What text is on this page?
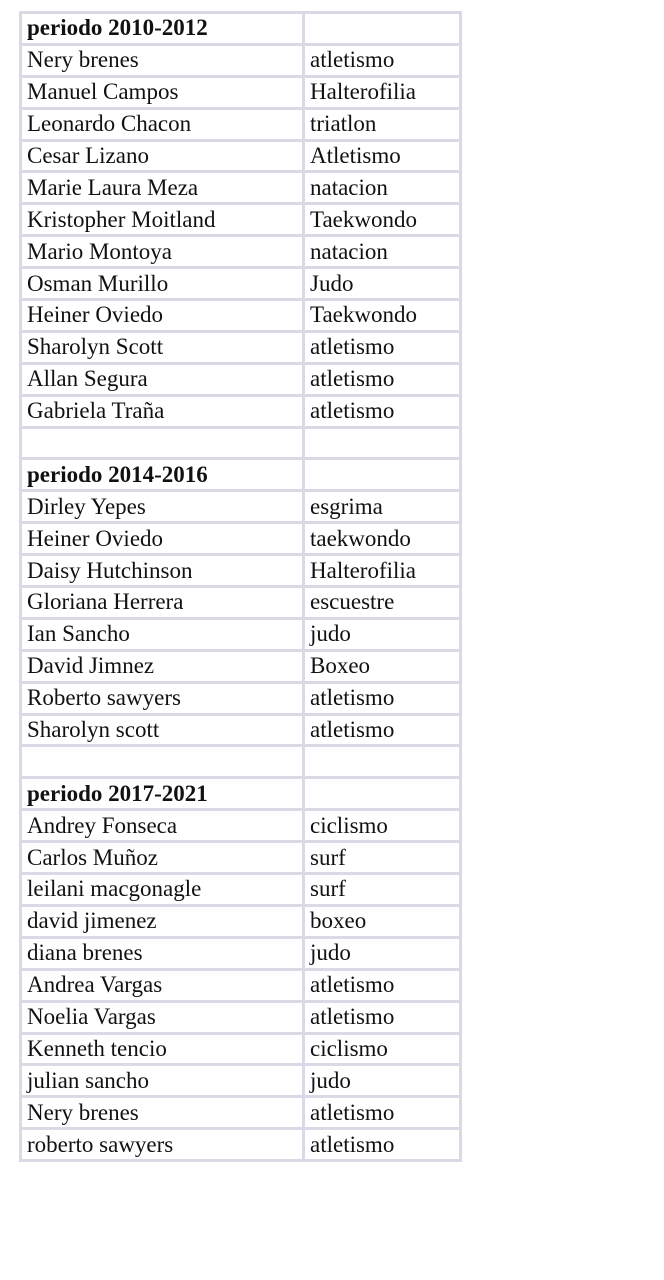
periodo 2010-2012	
Nery brenes	atletismo
Manuel Campos	Halterofilia
Leonardo Chacon	triatlon
Cesar Lizano	Atletismo
Marie Laura Meza	natacion
Kristopher Moitland	Taekwondo
Mario Montoya	natacion
Osman Murillo	Judo
Heiner Oviedo	Taekwondo
Sharolyn Scott	atletismo
Allan Segura	atletismo
Gabriela Traña	atletismo

periodo 2014-2016	
Dirley Yepes	esgrima
Heiner Oviedo	taekwondo
Daisy Hutchinson	Halterofilia
Gloriana Herrera	escuestre
Ian Sancho	judo
David Jimnez	Boxeo
Roberto sawyers	atletismo
Sharolyn scott	atletismo

periodo 2017-2021	
Andrey Fonseca	ciclismo
Carlos Muñoz	surf
leilani macgonagle	surf
david jimenez	boxeo
diana brenes	judo
Andrea Vargas	atletismo
Noelia Vargas	atletismo
Kenneth tencio	ciclismo
julian sancho	judo
Nery brenes	atletismo
roberto sawyers	atletismo
